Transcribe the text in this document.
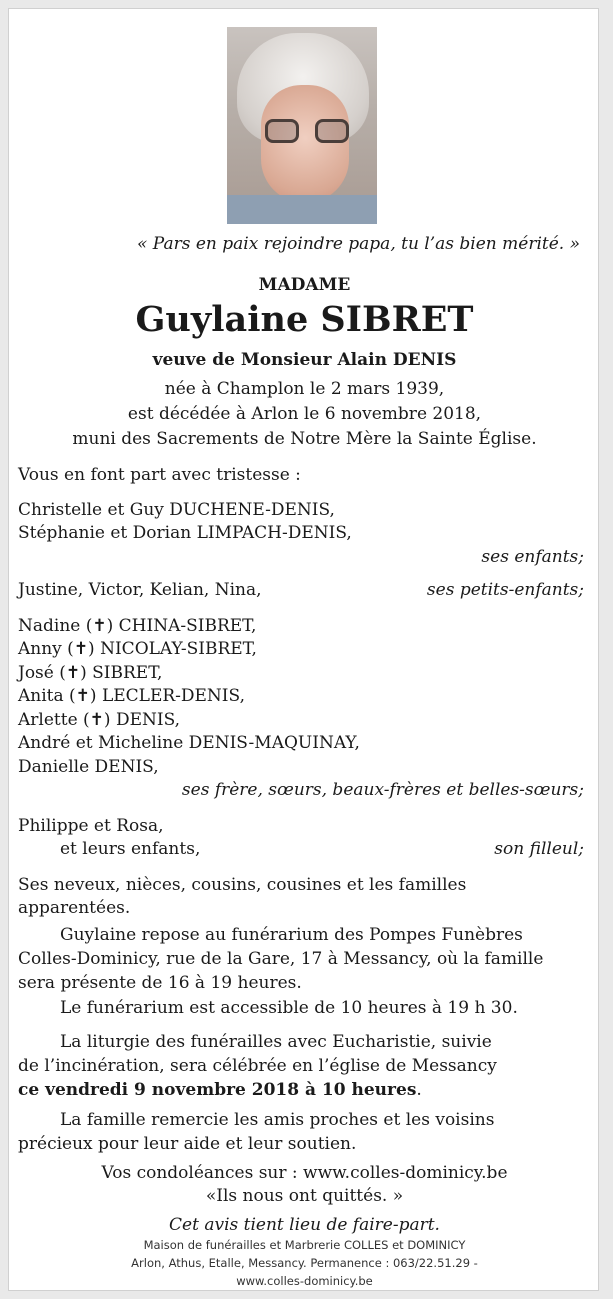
« Pars en paix rejoindre papa, tu l’as bien mérité. »
MADAME
Guylaine SIBRET
veuve de Monsieur Alain DENIS
née à Champlon le 2 mars 1939,
est décédée à Arlon le 6 novembre 2018,
muni des Sacrements de Notre Mère la Sainte Église.
Vous en font part avec tristesse :
Christelle et Guy DUCHENE-DENIS,
Stéphanie et Dorian LIMPACH-DENIS,
ses enfants;
Justine, Victor, Kelian, Nina,	ses petits-enfants;
Nadine (✝) CHINA-SIBRET,
Anny (✝) NICOLAY-SIBRET,
José (✝) SIBRET,
Anita (✝) LECLER-DENIS,
Arlette (✝) DENIS,
André et Micheline DENIS-MAQUINAY,
Danielle DENIS,
ses frère, sœurs, beaux-frères et belles-sœurs;
Philippe et Rosa,
et leurs enfants,	son filleul;
Ses neveux, nièces, cousins, cousines et les familles
apparentées.
Guylaine repose au funérarium des Pompes Funèbres
Colles-Dominicy, rue de la Gare, 17 à Messancy, où la famille
sera présente de 16 à 19 heures.
Le funérarium est accessible de 10 heures à 19 h 30.
La liturgie des funérailles avec Eucharistie, suivie
de l’incinération, sera célébrée en l’église de Messancy
ce vendredi 9 novembre 2018 à 10 heures.
La famille remercie les amis proches et les voisins
précieux pour leur aide et leur soutien.
Vos condoléances sur : www.colles-dominicy.be
«Ils nous ont quittés. »
Cet avis tient lieu de faire-part.
Maison de funérailles et Marbrerie COLLES et DOMINICY
Arlon, Athus, Etalle, Messancy. Permanence : 063/22.51.29 -
www.colles-dominicy.be
